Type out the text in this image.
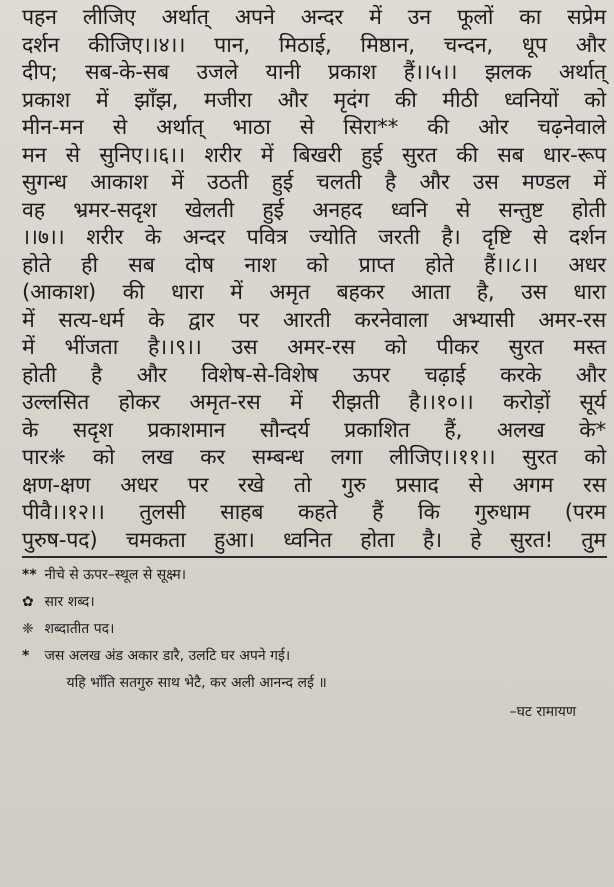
पहन लीजिए अर्थात् अपने अन्दर में उन फूलों का सप्रेम

दर्शन कीजिए।।४।। पान, मिठाई, मिष्ठान, चन्दन, धूप और

दीप; सब-के-सब उजले यानी प्रकाश हैं।।५।। झलक अर्थात्

प्रकाश में झाँझ, मजीरा और मृदंग की मीठी ध्वनियों को

मीन-मन से अर्थात् भाठा से सिरा** की ओर चढ़नेवाले

मन से सुनिए।।६।। शरीर में बिखरी हुई सुरत की सब धार-रूप

सुगन्ध आकाश में उठती हुई चलती है और उस मण्डल में

वह भ्रमर-सदृश खेलती हुई अनहद ध्वनि से सन्तुष्ट होती

।।७।। शरीर के अन्दर पवित्र ज्योति जरती है। दृष्टि से दर्शन

होते ही सब दोष नाश को प्राप्त होते हैं।।८।। अधर

(आकाश) की धारा में अमृत बहकर आता है, उस धारा

में सत्य-धर्म के द्वार पर आरती करनेवाला अभ्यासी अमर-रस

में भींजता है।।९।। उस अमर-रस को पीकर सुरत मस्त

होती है और विशेष-से-विशेष ऊपर चढ़ाई करके और

उल्लसित होकर अमृत-रस में रीझती है।।१०।। करोड़ों सूर्य

के सदृश प्रकाशमान सौन्दर्य प्रकाशित हैं, अलख के*

पार❈ को लख कर सम्बन्ध लगा लीजिए।।११।। सुरत को

क्षण-क्षण अधर पर रखे तो गुरु प्रसाद से अगम रस

पीवै।।१२।। तुलसी साहब कहते हैं कि गुरुधाम (परम

पुरुष-पद) चमकता हुआ। ध्वनित होता है। हे सुरत! तुम

** नीचे से ऊपर–स्थूल से सूक्ष्म।

✿ सार शब्द।

❈ शब्दातीत पद।

* जस अलख अंड अकार डारै, उलटि घर अपने गई।

यहि भाँति सतगुरु साथ भेटै, कर अली आनन्द लई ॥

–घट रामायण
